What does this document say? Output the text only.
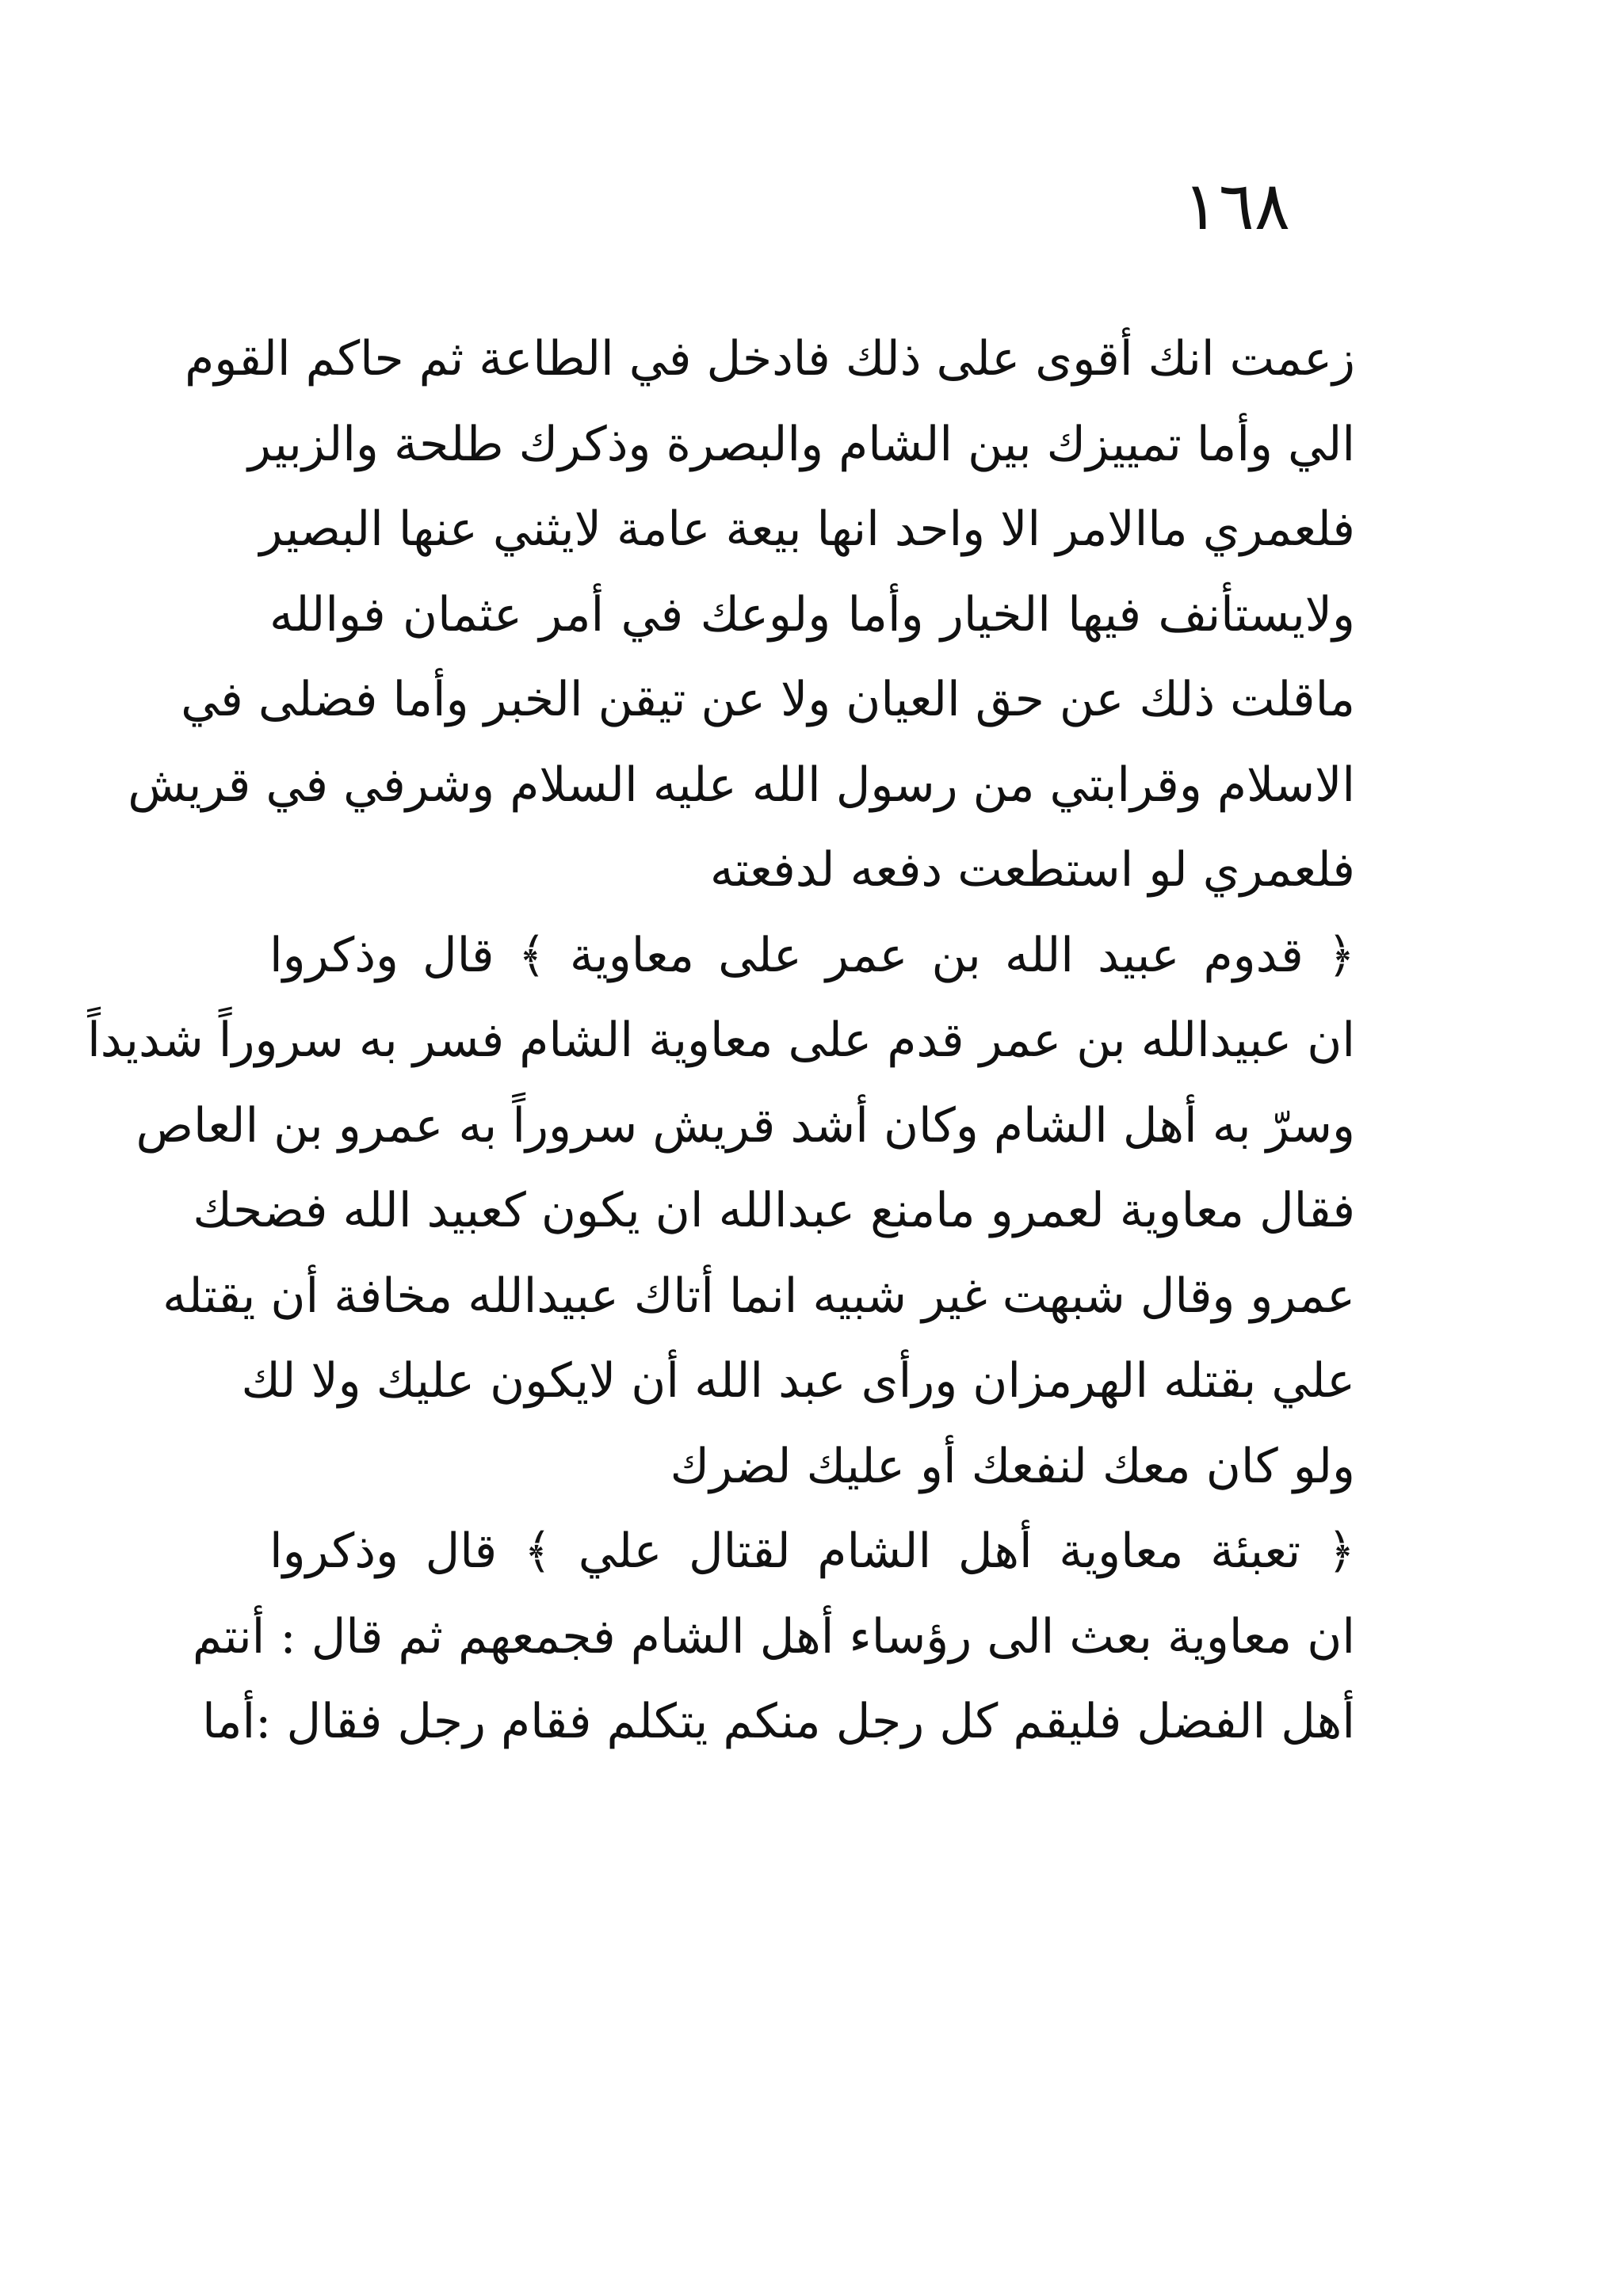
١٦٨
زعمت انك أقوى على ذلك فادخل في الطاعة ثم حاكم القوم
الي وأما تمييزك بين الشام والبصرة وذكرك طلحة والزبير
فلعمري ماالامر الا واحد انها بيعة عامة لايثني عنها البصير
ولايستأنف فيها الخيار وأما ولوعك في أمر عثمان فوالله
ماقلت ذلك عن حق العيان ولا عن تيقن الخبر وأما فضلى في
الاسلام وقرابتي من رسول الله عليه السلام وشرفي في قريش
فلعمري لو استطعت دفعه لدفعته
﴿ قدوم عبيد الله بن عمر على معاوية ﴾ قال وذكروا
ان عبيدالله بن عمر قدم على معاوية الشام فسر به سروراً شديداً
وسرّ به أهل الشام وكان أشد قريش سروراً به عمرو بن العاص
فقال معاوية لعمرو مامنع عبدالله ان يكون كعبيد الله فضحك
عمرو وقال شبهت غير شبيه انما أتاك عبيدالله مخافة أن يقتله
علي بقتله الهرمزان ورأى عبد الله أن لايكون عليك ولا لك
ولو كان معك لنفعك أو عليك لضرك
﴿ تعبئة معاوية أهل الشام لقتال علي ﴾ قال وذكروا
ان معاوية بعث الى رؤساء أهل الشام فجمعهم ثم قال : أنتم
أهل الفضل فليقم كل رجل منكم يتكلم فقام رجل فقال :أما
